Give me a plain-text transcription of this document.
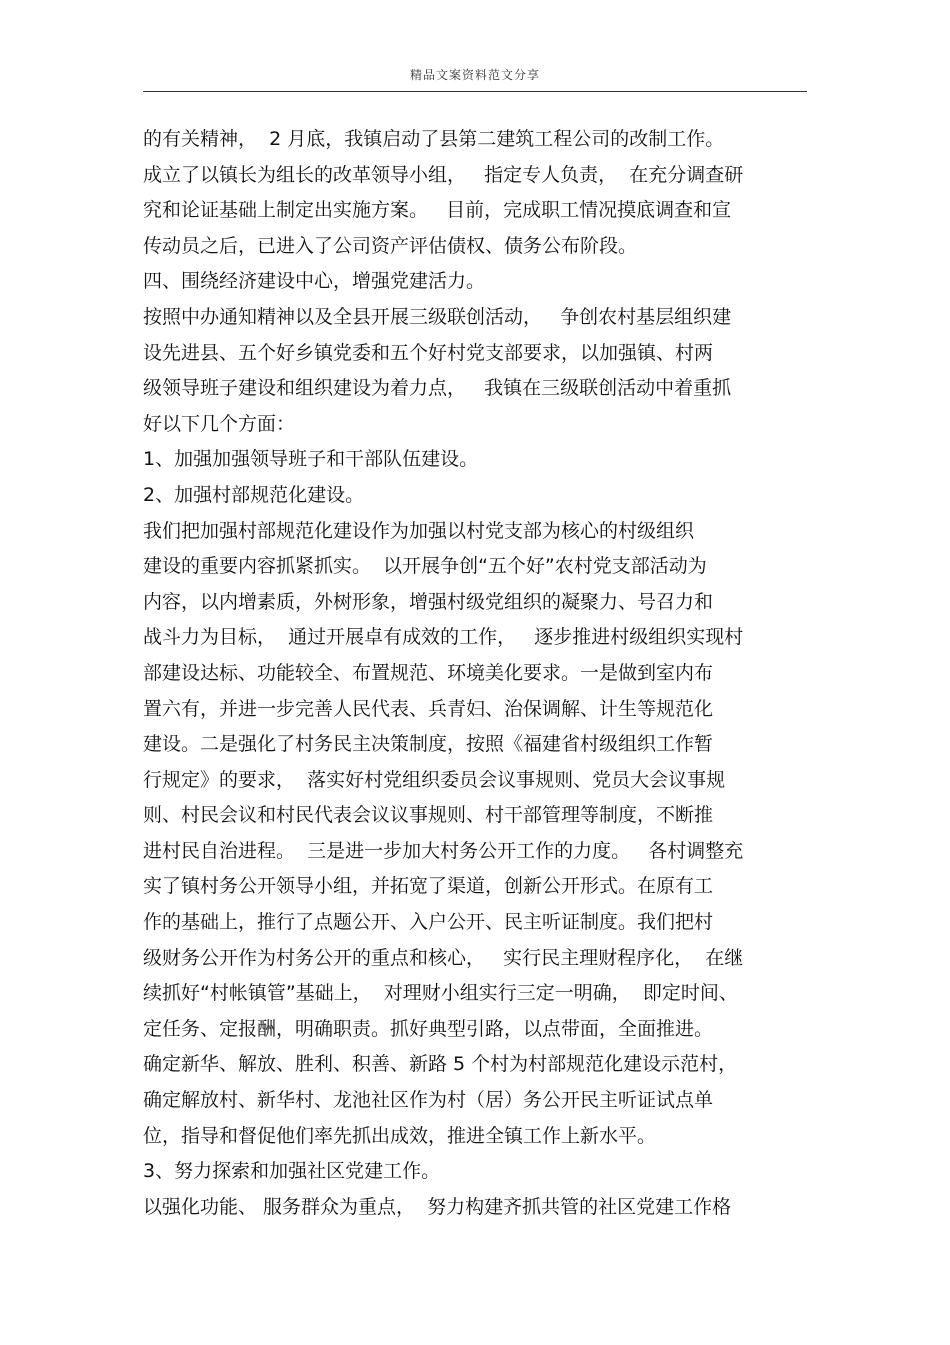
精品文案资料范文分享
的有关精神，  2 月底，我镇启动了县第二建筑工程公司的改制工作。
成立了以镇长为组长的改革领导小组，   指定专人负责，  在充分调查研
究和论证基础上制定出实施方案。   目前，完成职工情况摸底调查和宣
传动员之后，已进入了公司资产评估债权、债务公布阶段。
四、围绕经济建设中心，增强党建活力。
按照中办通知精神以及全县开展三级联创活动，   争创农村基层组织建
设先进县、五个好乡镇党委和五个好村党支部要求，以加强镇、村两
级领导班子建设和组织建设为着力点，   我镇在三级联创活动中着重抓
好以下几个方面：
1、加强加强领导班子和干部队伍建设。
2、加强村部规范化建设。
我们把加强村部规范化建设作为加强以村党支部为核心的村级组织
建设的重要内容抓紧抓实。  以开展争创“五个好”农村党支部活动为
内容，以内增素质，外树形象，增强村级党组织的凝聚力、号召力和
战斗力为目标，  通过开展卓有成效的工作，   逐步推进村级组织实现村
部建设达标、功能较全、布置规范、环境美化要求。一是做到室内布
置六有，并进一步完善人民代表、兵青妇、治保调解、计生等规范化
建设。二是强化了村务民主决策制度，按照《福建省村级组织工作暂
行规定》的要求，  落实好村党组织委员会议事规则、党员大会议事规
则、村民会议和村民代表会议议事规则、村干部管理等制度，不断推
进村民自治进程。  三是进一步加大村务公开工作的力度。   各村调整充
实了镇村务公开领导小组，并拓宽了渠道，创新公开形式。在原有工
作的基础上，推行了点题公开、入户公开、民主听证制度。我们把村
级财务公开作为村务公开的重点和核心，   实行民主理财程序化，  在继
续抓好“村帐镇管”基础上，  对理财小组实行三定一明确，  即定时间、
定任务、定报酬，明确职责。抓好典型引路，以点带面，全面推进。
确定新华、解放、胜利、积善、新路 5 个村为村部规范化建设示范村，
确定解放村、新华村、龙池社区作为村（居）务公开民主听证试点单
位，指导和督促他们率先抓出成效，推进全镇工作上新水平。
3、努力探索和加强社区党建工作。
以强化功能、 服务群众为重点，  努力构建齐抓共管的社区党建工作格
